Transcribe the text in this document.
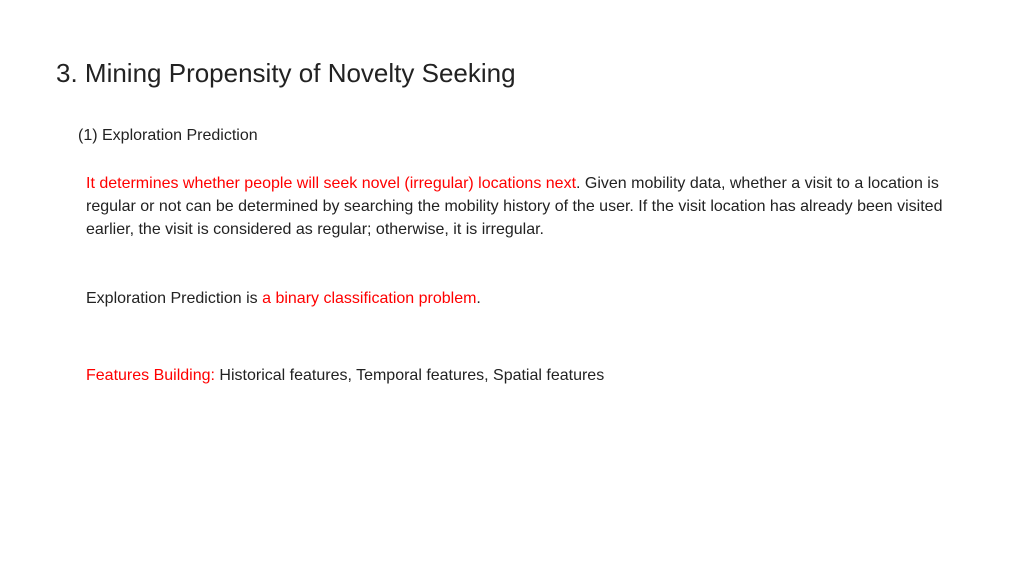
3. Mining Propensity of Novelty Seeking
(1) Exploration Prediction
It determines whether people will seek novel (irregular) locations next. Given mobility data, whether a visit to a location is regular or not can be determined by searching the mobility history of the user. If the visit location has already been visited earlier, the visit is considered as regular; otherwise, it is irregular.
Exploration Prediction is a binary classification problem.
Features Building: Historical features, Temporal features, Spatial features
